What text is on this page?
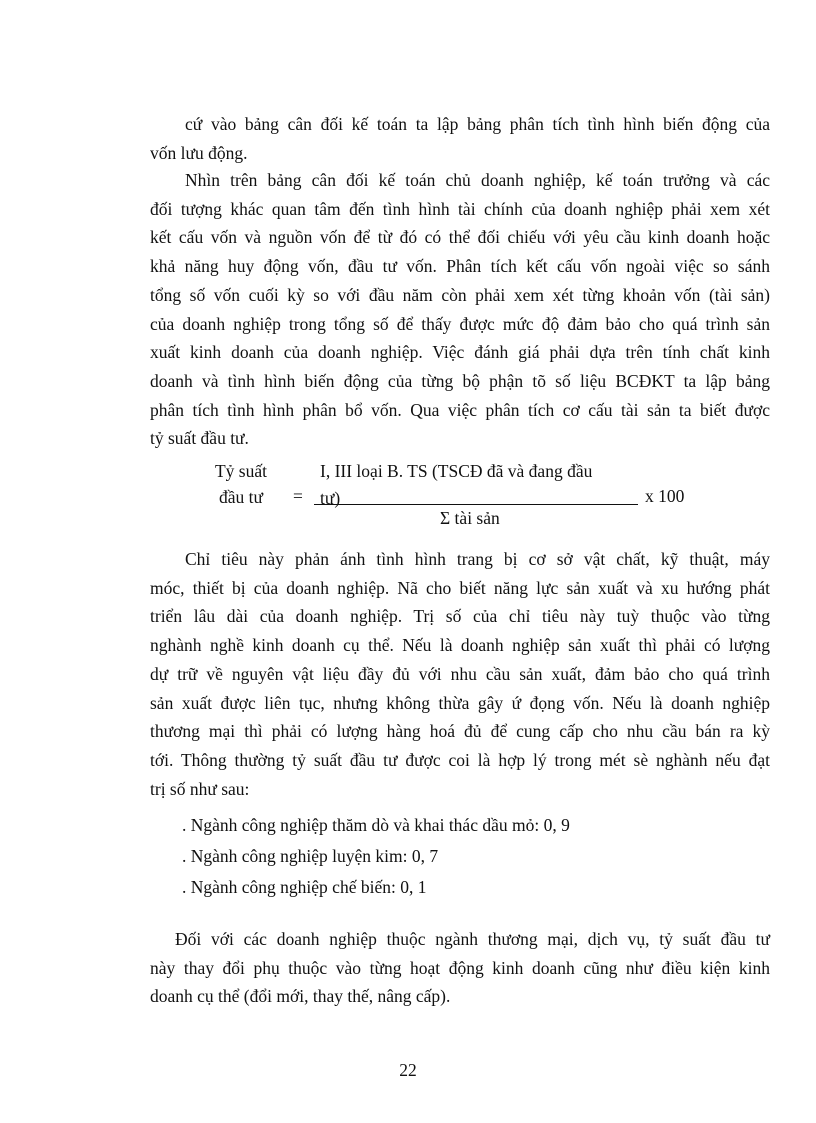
cứ vào bảng cân đối kế toán ta lập bảng phân tích tình hình biến động của
vốn lưu động.
Nhìn trên bảng cân đối kế toán chủ doanh nghiệp, kế toán trưởng và các
đối tượng khác quan tâm đến tình hình tài chính của doanh nghiệp phải xem xét
kết cấu vốn và nguồn vốn để từ đó có thể đối chiếu với yêu cầu kinh doanh hoặc
khả năng huy động vốn, đầu tư vốn. Phân tích kết cấu vốn ngoài việc so sánh
tổng số vốn cuối kỳ so với đầu năm còn phải xem xét từng khoản vốn (tài sản)
của doanh nghiệp trong tổng số để thấy được mức độ đảm bảo cho quá trình sản
xuất kinh doanh của doanh nghiệp. Việc đánh giá phải dựa trên tính chất kinh
doanh và tình hình biến động của từng bộ phận tõ số liệu BCĐKT ta lập bảng
phân tích tình hình phân bổ vốn. Qua việc phân tích cơ cấu tài sản ta biết được
tỷ suất đầu tư.
Tỷ suất
đầu tư	=
I, III loại B. TS (TSCĐ đã và đang đầu
tư)
Σ tài sản
x 100
Chỉ tiêu này phản ánh tình hình trang bị cơ sở vật chất, kỹ thuật, máy
móc, thiết bị của doanh nghiệp. Nã cho biết năng lực sản xuất và xu hướng phát
triển lâu dài của doanh nghiệp. Trị số của chỉ tiêu này tuỳ thuộc vào từng
nghành nghề kinh doanh cụ thể. Nếu là doanh nghiệp sản xuất thì phải có lượng
dự trữ về nguyên vật liệu đầy đủ với nhu cầu sản xuất, đảm bảo cho quá trình
sản xuất được liên tục, nhưng không thừa gây ứ đọng vốn. Nếu là doanh nghiệp
thương mại thì phải có lượng hàng hoá đủ để cung cấp cho nhu cầu bán ra kỳ
tới. Thông thường tỷ suất đầu tư được coi là hợp lý trong mét sè nghành nếu đạt
trị số như sau:
. Ngành công nghiệp thăm dò và khai thác dầu mỏ: 0, 9
. Ngành công nghiệp luyện kim: 0, 7
. Ngành công nghiệp chế biến: 0, 1
Đối với các doanh nghiệp thuộc ngành thương mại, dịch vụ, tỷ suất đầu tư
này thay đổi phụ thuộc vào từng hoạt động kinh doanh cũng như điều kiện kinh
doanh cụ thể (đổi mới, thay thế, nâng cấp).
22
